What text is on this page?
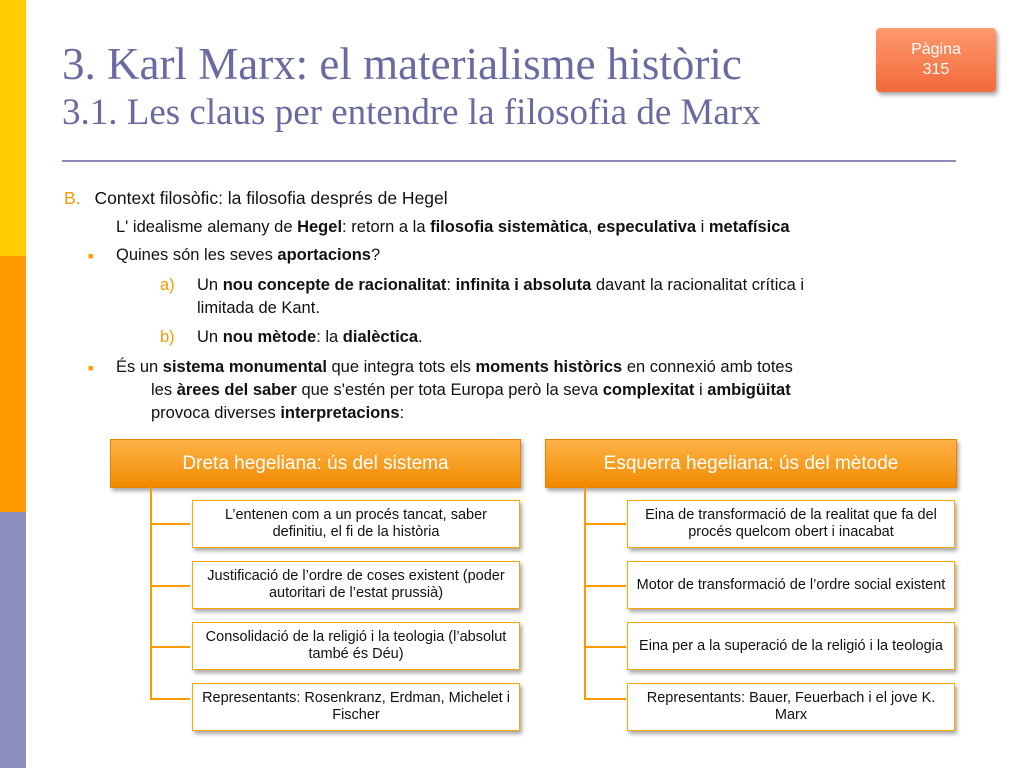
3. Karl Marx: el materialisme històric
3.1. Les claus per entendre la filosofia de Marx
Pàgina
315
B. Context filosòfic: la filosofia després de Hegel
L' idealisme alemany de Hegel: retorn a la filosofia sistemàtica, especulativa i metafísica
■ Quines són les seves aportacions?
a) Un nou concepte de racionalitat: infinita i absoluta davant la racionalitat crítica i
limitada de Kant.
b) Un nou mètode: la dialèctica.
■ És un sistema monumental que integra tots els moments històrics en connexió amb totes
les àrees del saber que s'estén per tota Europa però la seva complexitat i ambigüitat
provoca diverses interpretacions:
Dreta hegeliana: ús del sistema
L’entenen com a un procés tancat, saber definitiu, el fi de la història
Justificació de l’ordre de coses existent (poder autoritari de l’estat prussià)
Consolidació de la religió i la teologia (l’absolut també és Déu)
Representants: Rosenkranz, Erdman, Michelet i Fischer
Esquerra hegeliana: ús del mètode
Eina de transformació de la realitat que fa del procés quelcom obert i inacabat
Motor de transformació de l’ordre social existent
Eina per a la superació de la religió i la teologia
Representants: Bauer, Feuerbach i el jove K. Marx
